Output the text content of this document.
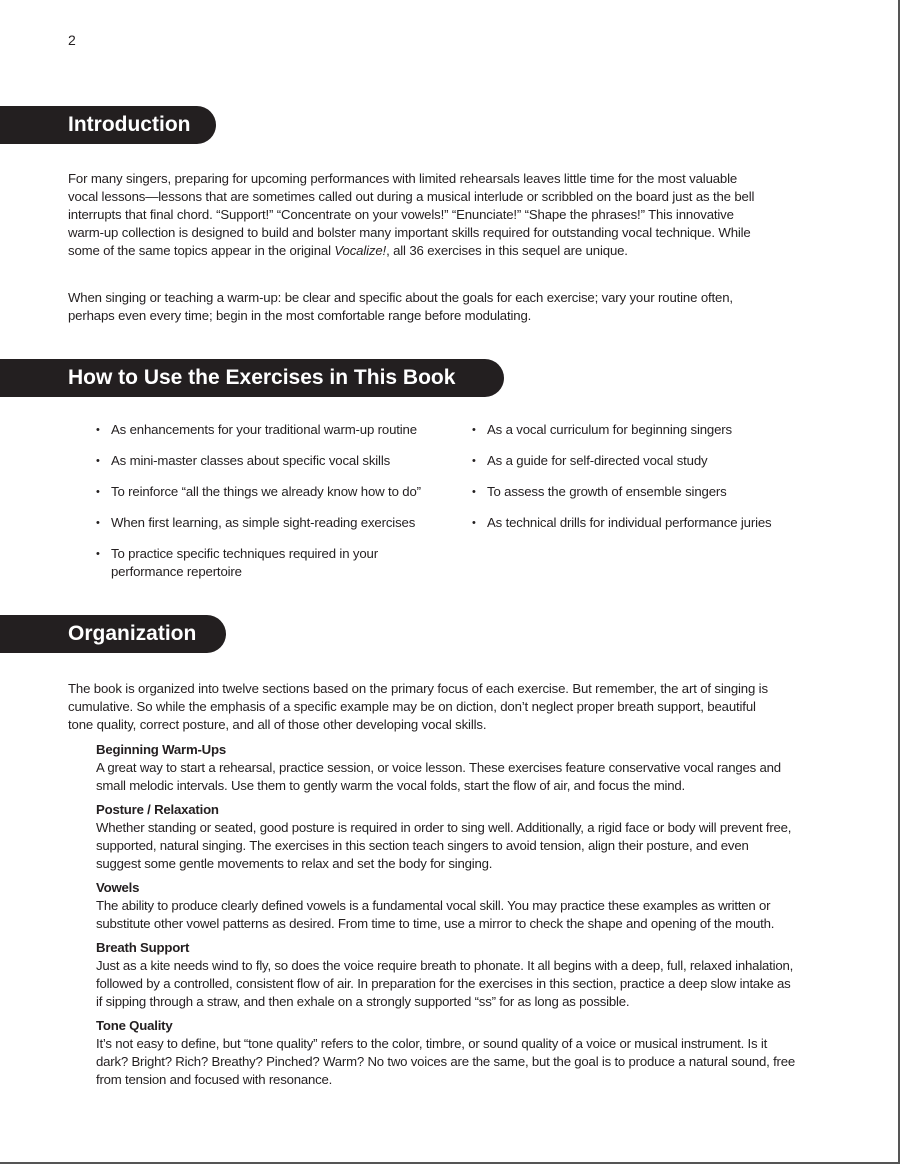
2
Introduction

For many singers, preparing for upcoming performances with limited rehearsals leaves little time for the most valuable vocal lessons—lessons that are sometimes called out during a musical interlude or scribbled on the board just as the bell interrupts that final chord. “Support!” “Concentrate on your vowels!” “Enunciate!” “Shape the phrases!” This innovative warm-up collection is designed to build and bolster many important skills required for outstanding vocal technique. While some of the same topics appear in the original Vocalize!, all 36 exercises in this sequel are unique.

When singing or teaching a warm-up: be clear and specific about the goals for each exercise; vary your routine often, perhaps even every time; begin in the most comfortable range before modulating.

How to Use the Exercises in This Book
• As enhancements for your traditional warm-up routine
• As mini-master classes about specific vocal skills
• To reinforce “all the things we already know how to do”
• When first learning, as simple sight-reading exercises
• To practice specific techniques required in your performance repertoire
• As a vocal curriculum for beginning singers
• As a guide for self-directed vocal study
• To assess the growth of ensemble singers
• As technical drills for individual performance juries
Organization

The book is organized into twelve sections based on the primary focus of each exercise. But remember, the art of singing is cumulative. So while the emphasis of a specific example may be on diction, don’t neglect proper breath support, beautiful tone quality, correct posture, and all of those other developing vocal skills.

Beginning Warm-Ups
A great way to start a rehearsal, practice session, or voice lesson. These exercises feature conservative vocal ranges and small melodic intervals. Use them to gently warm the vocal folds, start the flow of air, and focus the mind.
Posture / Relaxation
Whether standing or seated, good posture is required in order to sing well. Additionally, a rigid face or body will prevent free, supported, natural singing. The exercises in this section teach singers to avoid tension, align their posture, and even suggest some gentle movements to relax and set the body for singing.
Vowels
The ability to produce clearly defined vowels is a fundamental vocal skill. You may practice these examples as written or substitute other vowel patterns as desired. From time to time, use a mirror to check the shape and opening of the mouth.
Breath Support
Just as a kite needs wind to fly, so does the voice require breath to phonate. It all begins with a deep, full, relaxed inhalation, followed by a controlled, consistent flow of air. In preparation for the exercises in this section, practice a deep slow intake as if sipping through a straw, and then exhale on a strongly supported “ss” for as long as possible.
Tone Quality
It’s not easy to define, but “tone quality” refers to the color, timbre, or sound quality of a voice or musical instrument. Is it dark? Bright? Rich? Breathy? Pinched? Warm? No two voices are the same, but the goal is to produce a natural sound, free from tension and focused with resonance.
